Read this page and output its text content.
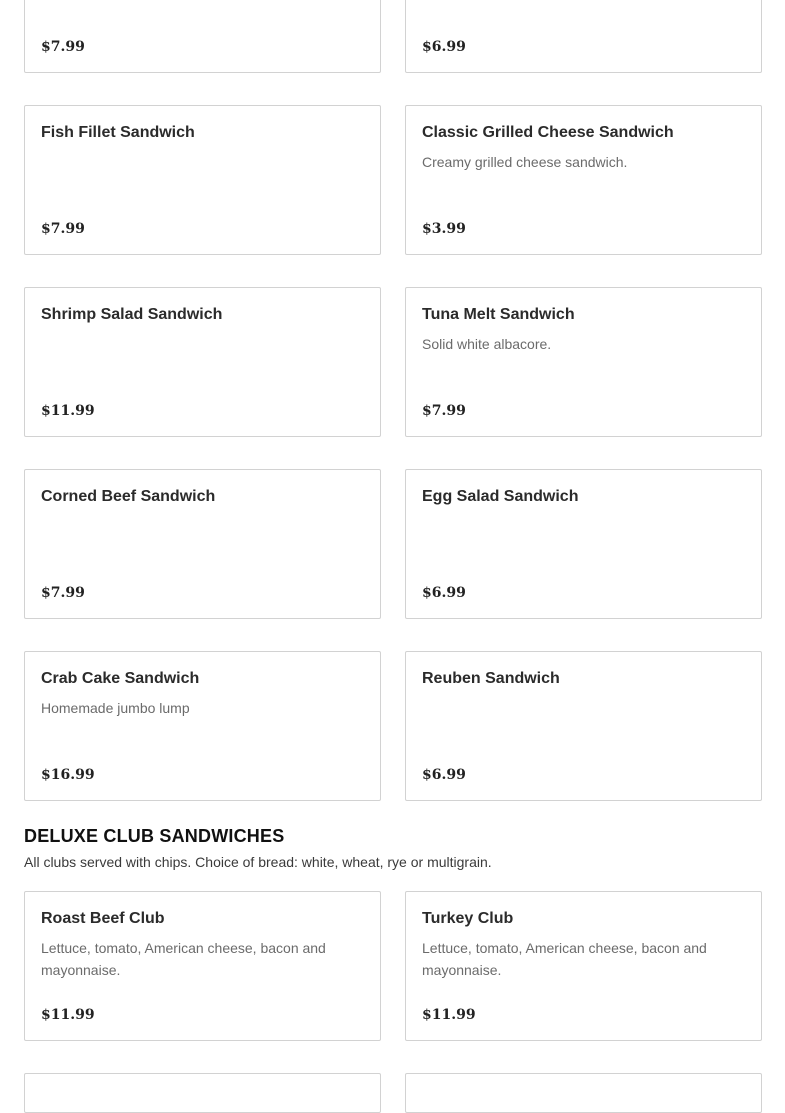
$7.99	$6.99
Fish Fillet Sandwich
$7.99
Classic Grilled Cheese Sandwich
Creamy grilled cheese sandwich.
$3.99
Shrimp Salad Sandwich
$11.99
Tuna Melt Sandwich
Solid white albacore.
$7.99
Corned Beef Sandwich
$7.99
Egg Salad Sandwich
$6.99
Crab Cake Sandwich
Homemade jumbo lump
$16.99
Reuben Sandwich
$6.99
DELUXE CLUB SANDWICHES
All clubs served with chips. Choice of bread: white, wheat, rye or multigrain.
Roast Beef Club
Lettuce, tomato, American cheese, bacon and mayonnaise.
$11.99
Turkey Club
Lettuce, tomato, American cheese, bacon and mayonnaise.
$11.99
